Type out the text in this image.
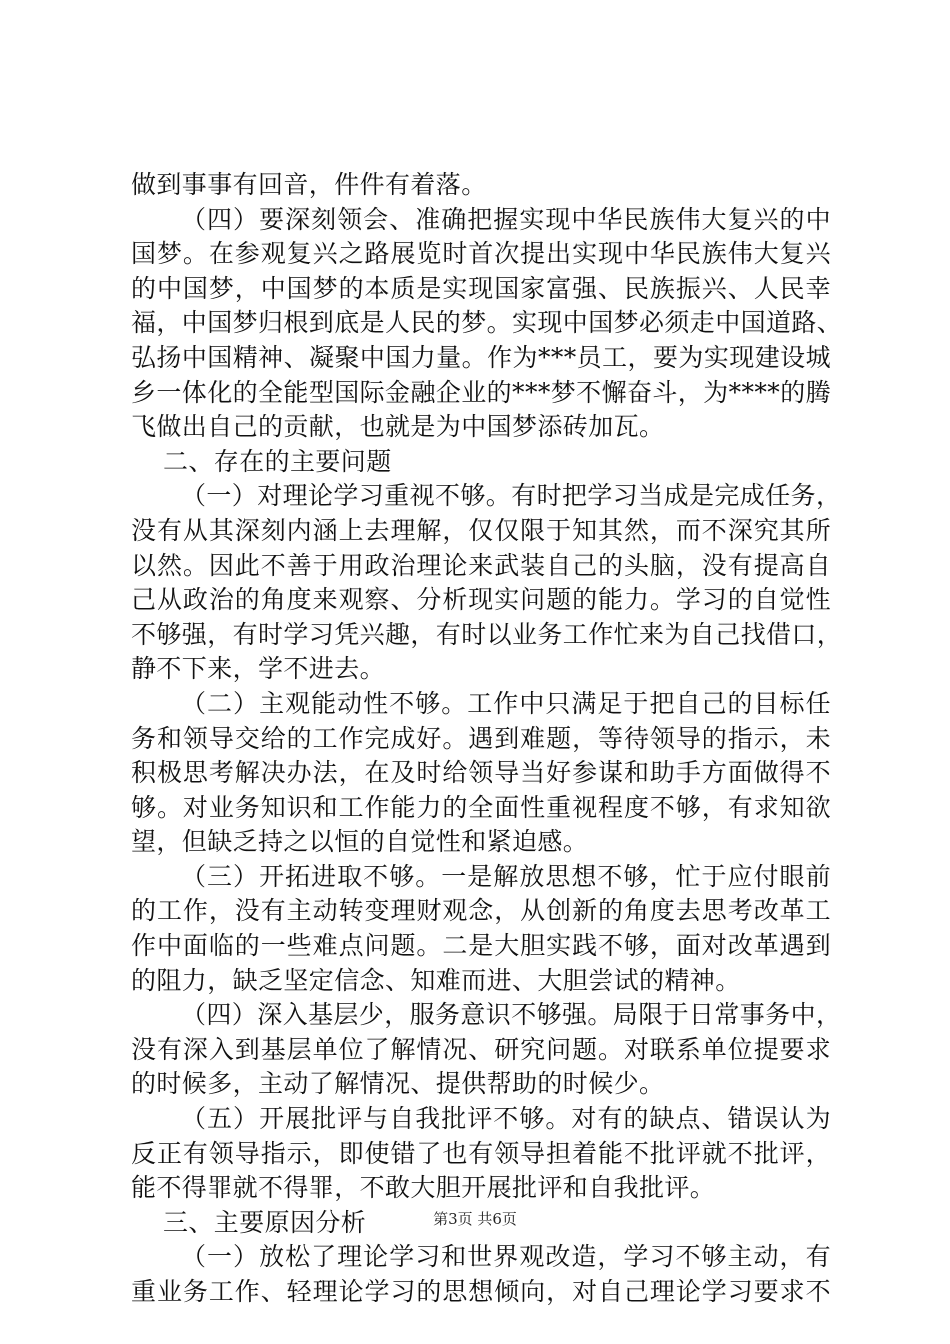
做到事事有回音，件件有着落。
（四）要深刻领会、准确把握实现中华民族伟大复兴的中
国梦。在参观复兴之路展览时首次提出实现中华民族伟大复兴
的中国梦，中国梦的本质是实现国家富强、民族振兴、人民幸
福，中国梦归根到底是人民的梦。实现中国梦必须走中国道路、
弘扬中国精神、凝聚中国力量。作为***员工，要为实现建设城
乡一体化的全能型国际金融企业的***梦不懈奋斗，为****的腾
飞做出自己的贡献，也就是为中国梦添砖加瓦。
二、存在的主要问题
（一）对理论学习重视不够。有时把学习当成是完成任务，
没有从其深刻内涵上去理解，仅仅限于知其然，而不深究其所
以然。因此不善于用政治理论来武装自己的头脑，没有提高自
己从政治的角度来观察、分析现实问题的能力。学习的自觉性
不够强，有时学习凭兴趣，有时以业务工作忙来为自己找借口，
静不下来，学不进去。
（二）主观能动性不够。工作中只满足于把自己的目标任
务和领导交给的工作完成好。遇到难题，等待领导的指示，未
积极思考解决办法，在及时给领导当好参谋和助手方面做得不
够。对业务知识和工作能力的全面性重视程度不够，有求知欲
望，但缺乏持之以恒的自觉性和紧迫感。
（三）开拓进取不够。一是解放思想不够，忙于应付眼前
的工作，没有主动转变理财观念，从创新的角度去思考改革工
作中面临的一些难点问题。二是大胆实践不够，面对改革遇到
的阻力，缺乏坚定信念、知难而进、大胆尝试的精神。
（四）深入基层少，服务意识不够强。局限于日常事务中，
没有深入到基层单位了解情况、研究问题。对联系单位提要求
的时候多，主动了解情况、提供帮助的时候少。
（五）开展批评与自我批评不够。对有的缺点、错误认为
反正有领导指示，即使错了也有领导担着能不批评就不批评，
能不得罪就不得罪，不敢大胆开展批评和自我批评。
三、主要原因分析
（一）放松了理论学习和世界观改造，学习不够主动，有
重业务工作、轻理论学习的思想倾向，对自己理论学习要求不
第3页 共6页
